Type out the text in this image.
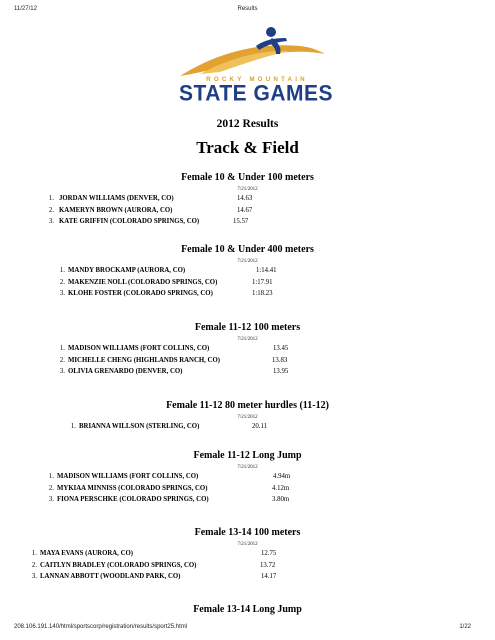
11/27/12	Results
ROCKY MOUNTAIN
STATE GAMES
2012 Results
Track & Field
Female 10 & Under 100 meters
7/21/2012
1. JORDAN WILLIAMS (DENVER, CO)	14.63
2. KAMERYN BROWN (AURORA, CO)	14.67
3. KATE GRIFFIN (COLORADO SPRINGS, CO)	15.57
Female 10 & Under 400 meters
7/21/2012
1. MANDY BROCKAMP (AURORA, CO)	1:14.41
2. MAKENZIE NOLL (COLORADO SPRINGS, CO)	1:17.91
3. KLOHE FOSTER (COLORADO SPRINGS, CO)	1:18.23
Female 11-12 100 meters
7/21/2012
1. MADISON WILLIAMS (FORT COLLINS, CO)	13.45
2. MICHELLE CHENG (HIGHLANDS RANCH, CO)	13.83
3. OLIVIA GRENARDO (DENVER, CO)	13.95
Female 11-12 80 meter hurdles (11-12)
7/21/2012
1. BRIANNA WILLSON (STERLING, CO)	20.11
Female 11-12 Long Jump
7/21/2012
1. MADISON WILLIAMS (FORT COLLINS, CO)	4.94m
2. MYKIAA MINNISS (COLORADO SPRINGS, CO)	4.12m
3. FIONA PERSCHKE (COLORADO SPRINGS, CO)	3.80m
Female 13-14 100 meters
7/21/2012
1. MAYA EVANS (AURORA, CO)	12.75
2. CAITLYN BRADLEY (COLORADO SPRINGS, CO)	13.72
3. LANNAN ABBOTT (WOODLAND PARK, CO)	14.17
Female 13-14 Long Jump
208.106.191.140/html/sportscorp/registration/results/sport25.html	1/22
